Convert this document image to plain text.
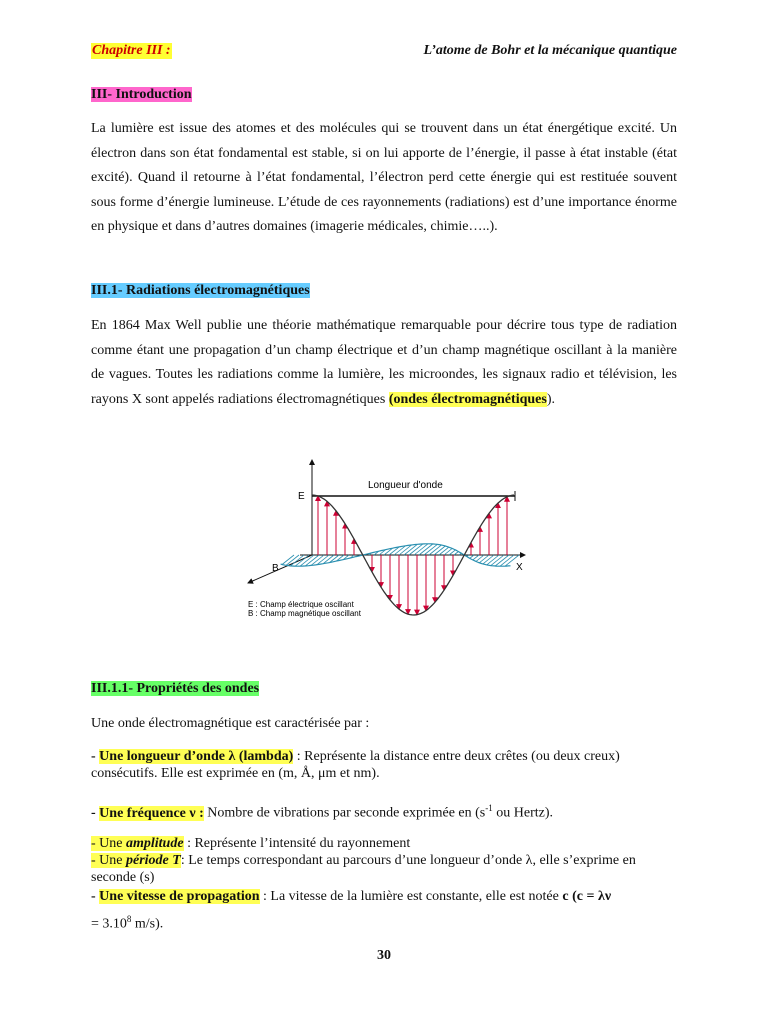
Chapitre III :	L’atome de Bohr et la mécanique quantique
III- Introduction
La lumière est issue des atomes et des molécules qui se trouvent dans un état énergétique excité. Un électron dans son état fondamental est stable, si on lui apporte de l’énergie, il passe à état instable (état excité). Quand il retourne à l’état fondamental, l’électron perd cette énergie qui est restituée souvent sous forme d’énergie lumineuse. L’étude de ces rayonnements (radiations) est d’une importance énorme en physique et dans d’autres domaines (imagerie médicales, chimie…..).
III.1- Radiations électromagnétiques
En 1864 Max Well publie une théorie mathématique remarquable pour décrire tous type de radiation comme étant une propagation d’un champ électrique et d’un champ magnétique oscillant à la manière de vagues. Toutes les radiations comme la lumière, les microondes, les signaux radio et télévision, les rayons X sont appelés radiations électromagnétiques (ondes électromagnétiques).
Longueur d'onde
E
B	X
E : Champ électrique oscillant
B : Champ magnétique oscillant
III.1.1- Propriétés des ondes
Une onde électromagnétique est caractérisée par :
- Une longueur d’onde λ (lambda) : Représente la distance entre deux crêtes (ou deux creux) consécutifs. Elle est exprimée en (m, Å, μm et nm).
- Une fréquence ν : Nombre de vibrations par seconde exprimée en ($s^{-1}$ ou Hertz).
- Une amplitude : Représente l’intensité du rayonnement
- Une période T: Le temps correspondant au parcours d’une longueur d’onde λ, elle s’exprime en seconde (s)
- Une vitesse de propagation : La vitesse de la lumière est constante, elle est notée c (c = λν
= $3.10^8$ m/s).
30
